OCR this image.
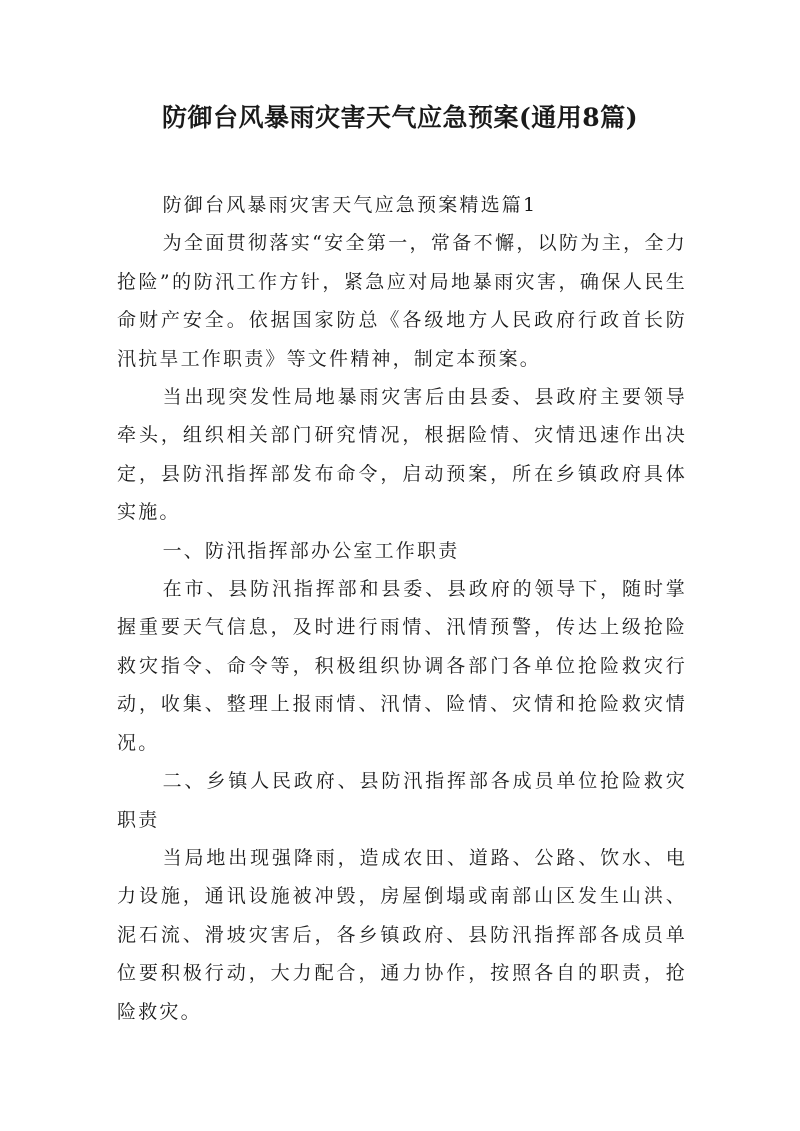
防御台风暴雨灾害天气应急预案(通用8篇)

防御台风暴雨灾害天气应急预案精选篇1

为全面贯彻落实“安全第一，常备不懈，以防为主，全力抢险”的防汛工作方针，紧急应对局地暴雨灾害，确保人民生命财产安全。依据国家防总《各级地方人民政府行政首长防汛抗旱工作职责》等文件精神，制定本预案。

当出现突发性局地暴雨灾害后由县委、县政府主要领导牵头，组织相关部门研究情况，根据险情、灾情迅速作出决定，县防汛指挥部发布命令，启动预案，所在乡镇政府具体实施。

一、防汛指挥部办公室工作职责

在市、县防汛指挥部和县委、县政府的领导下，随时掌握重要天气信息，及时进行雨情、汛情预警，传达上级抢险救灾指令、命令等，积极组织协调各部门各单位抢险救灾行动，收集、整理上报雨情、汛情、险情、灾情和抢险救灾情况。

二、乡镇人民政府、县防汛指挥部各成员单位抢险救灾职责

当局地出现强降雨，造成农田、道路、公路、饮水、电力设施，通讯设施被冲毁，房屋倒塌或南部山区发生山洪、泥石流、滑坡灾害后，各乡镇政府、县防汛指挥部各成员单位要积极行动，大力配合，通力协作，按照各自的职责，抢险救灾。
